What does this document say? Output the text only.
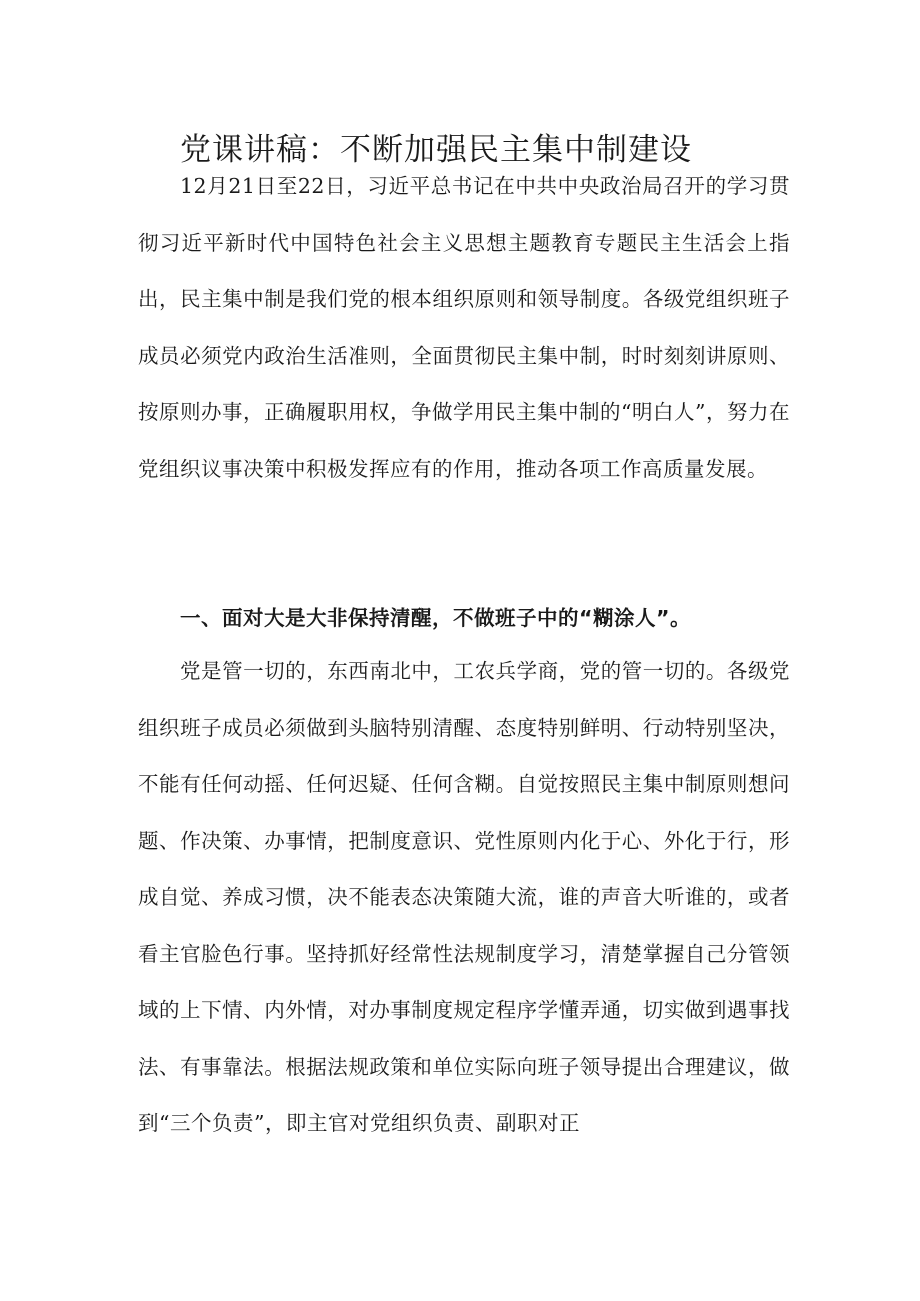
党课讲稿：不断加强民主集中制建设

12月21日至22日，习近平总书记在中共中央政治局召开的学习贯彻习近平新时代中国特色社会主义思想主题教育专题民主生活会上指出，民主集中制是我们党的根本组织原则和领导制度。各级党组织班子成员必须党内政治生活准则，全面贯彻民主集中制，时时刻刻讲原则、按原则办事，正确履职用权，争做学用民主集中制的“明白人”，努力在党组织议事决策中积极发挥应有的作用，推动各项工作高质量发展。

一、面对大是大非保持清醒，不做班子中的“糊涂人”。

党是管一切的，东西南北中，工农兵学商，党的管一切的。各级党组织班子成员必须做到头脑特别清醒、态度特别鲜明、行动特别坚决，不能有任何动摇、任何迟疑、任何含糊。自觉按照民主集中制原则想问题、作决策、办事情，把制度意识、党性原则内化于心、外化于行，形成自觉、养成习惯，决不能表态决策随大流，谁的声音大听谁的，或者看主官脸色行事。坚持抓好经常性法规制度学习，清楚掌握自己分管领域的上下情、内外情，对办事制度规定程序学懂弄通，切实做到遇事找法、有事靠法。根据法规政策和单位实际向班子领导提出合理建议，做到“三个负责”，即主官对党组织负责、副职对正
